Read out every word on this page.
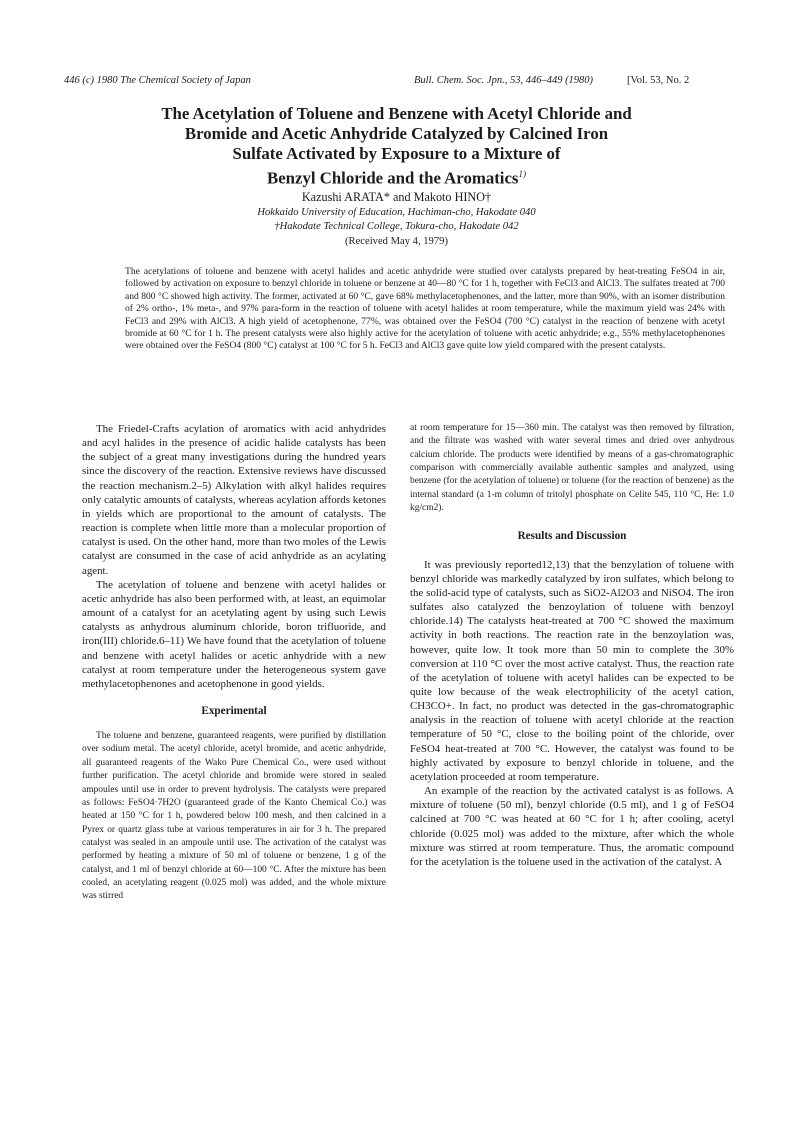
446 (c) 1980 The Chemical Society of Japan	Bull. Chem. Soc. Jpn., 53, 446–449 (1980)	[Vol. 53, No. 2
The Acetylation of Toluene and Benzene with Acetyl Chloride and
Bromide and Acetic Anhydride Catalyzed by Calcined Iron
Sulfate Activated by Exposure to a Mixture of
Benzyl Chloride and the Aromatics$^{1)}$
Kazushi ARATA* and Makoto HINO†
Hokkaido University of Education, Hachiman-cho, Hakodate 040
†Hakodate Technical College, Tokura-cho, Hakodate 042
(Received May 4, 1979)

The acetylations of toluene and benzene with acetyl halides and acetic anhydride were studied over catalysts prepared by heat-treating FeSO4 in air, followed by activation on exposure to benzyl chloride in toluene or benzene at 40—80 °C for 1 h, together with FeCl3 and AlCl3. The sulfates treated at 700 and 800 °C showed high activity. The former, activated at 60 °C, gave 68% methylacetophenones, and the latter, more than 90%, with an isomer distribution of 2% ortho-, 1% meta-, and 97% para-form in the reaction of toluene with acetyl halides at room temperature, while the maximum yield was 24% with FeCl3 and 29% with AlCl3. A high yield of acetophenone, 77%, was obtained over the FeSO4 (700 °C) catalyst in the reaction of benzene with acetyl bromide at 60 °C for 1 h. The present catalysts were also highly active for the acetylation of toluene with acetic anhydride; e.g., 55% methylacetophenones were obtained over the FeSO4 (800 °C) catalyst at 100 °C for 5 h. FeCl3 and AlCl3 gave quite low yield compared with the present catalysts.

The Friedel-Crafts acylation of aromatics with acid anhydrides and acyl halides in the presence of acidic halide catalysts has been the subject of a great many investigations during the hundred years since the discovery of the reaction. Extensive reviews have discussed the reaction mechanism.2–5) Alkylation with alkyl halides requires only catalytic amounts of catalysts, whereas acylation affords ketones in yields which are proportional to the amount of catalysts. The reaction is complete when little more than a molecular proportion of catalyst is used. On the other hand, more than two moles of the Lewis catalyst are consumed in the case of acid anhydride as an acylating agent.

The acetylation of toluene and benzene with acetyl halides or acetic anhydride has also been performed with, at least, an equimolar amount of a catalyst for an acetylating agent by using such Lewis catalysts as anhydrous aluminum chloride, boron trifluoride, and iron(III) chloride.6–11) We have found that the acetylation of toluene and benzene with acetyl halides or acetic anhydride with a new catalyst at room temperature under the heterogeneous system gave methylacetophenones and acetophenone in good yields.

Experimental

The toluene and benzene, guaranteed reagents, were purified by distillation over sodium metal. The acetyl chloride, acetyl bromide, and acetic anhydride, all guaranteed reagents of the Wako Pure Chemical Co., were used without further purification. The acetyl chloride and bromide were stored in sealed ampoules until use in order to prevent hydrolysis. The catalysts were prepared as follows: FeSO4·7H2O (guaranteed grade of the Kanto Chemical Co.) was heated at 150 °C for 1 h, powdered below 100 mesh, and then calcined in a Pyrex or quartz glass tube at various temperatures in air for 3 h. The prepared catalyst was sealed in an ampoule until use. The activation of the catalyst was performed by heating a mixture of 50 ml of toluene or benzene, 1 g of the catalyst, and 1 ml of benzyl chloride at 60—100 °C. After the mixture has been cooled, an acetylating reagent (0.025 mol) was added, and the whole mixture was stirred

at room temperature for 15—360 min. The catalyst was then removed by filtration, and the filtrate was washed with water several times and dried over anhydrous calcium chloride. The products were identified by means of a gas-chromatographic comparison with commercially available authentic samples and analyzed, using benzene (for the acetylation of toluene) or toluene (for the reaction of benzene) as the internal standard (a 1-m column of tritolyl phosphate on Celite 545, 110 °C, He: 1.0 kg/cm2).

Results and Discussion

It was previously reported12,13) that the benzylation of toluene with benzyl chloride was markedly catalyzed by iron sulfates, which belong to the solid-acid type of catalysts, such as SiO2-Al2O3 and NiSO4. The iron sulfates also catalyzed the benzoylation of toluene with benzoyl chloride.14) The catalysts heat-treated at 700 °C showed the maximum activity in both reactions. The reaction rate in the benzoylation was, however, quite low. It took more than 50 min to complete the 30% conversion at 110 °C over the most active catalyst. Thus, the reaction rate of the acetylation of toluene with acetyl halides can be expected to be quite low because of the weak electrophilicity of the acetyl cation, CH3CO+. In fact, no product was detected in the gas-chromatographic analysis in the reaction of toluene with acetyl chloride at the reaction temperature of 50 °C, close to the boiling point of the chloride, over FeSO4 heat-treated at 700 °C. However, the catalyst was found to be highly activated by exposure to benzyl chloride in toluene, and the acetylation proceeded at room temperature.

An example of the reaction by the activated catalyst is as follows. A mixture of toluene (50 ml), benzyl chloride (0.5 ml), and 1 g of FeSO4 calcined at 700 °C was heated at 60 °C for 1 h; after cooling, acetyl chloride (0.025 mol) was added to the mixture, after which the whole mixture was stirred at room temperature. Thus, the aromatic compound for the acetylation is the toluene used in the activation of the catalyst. A
